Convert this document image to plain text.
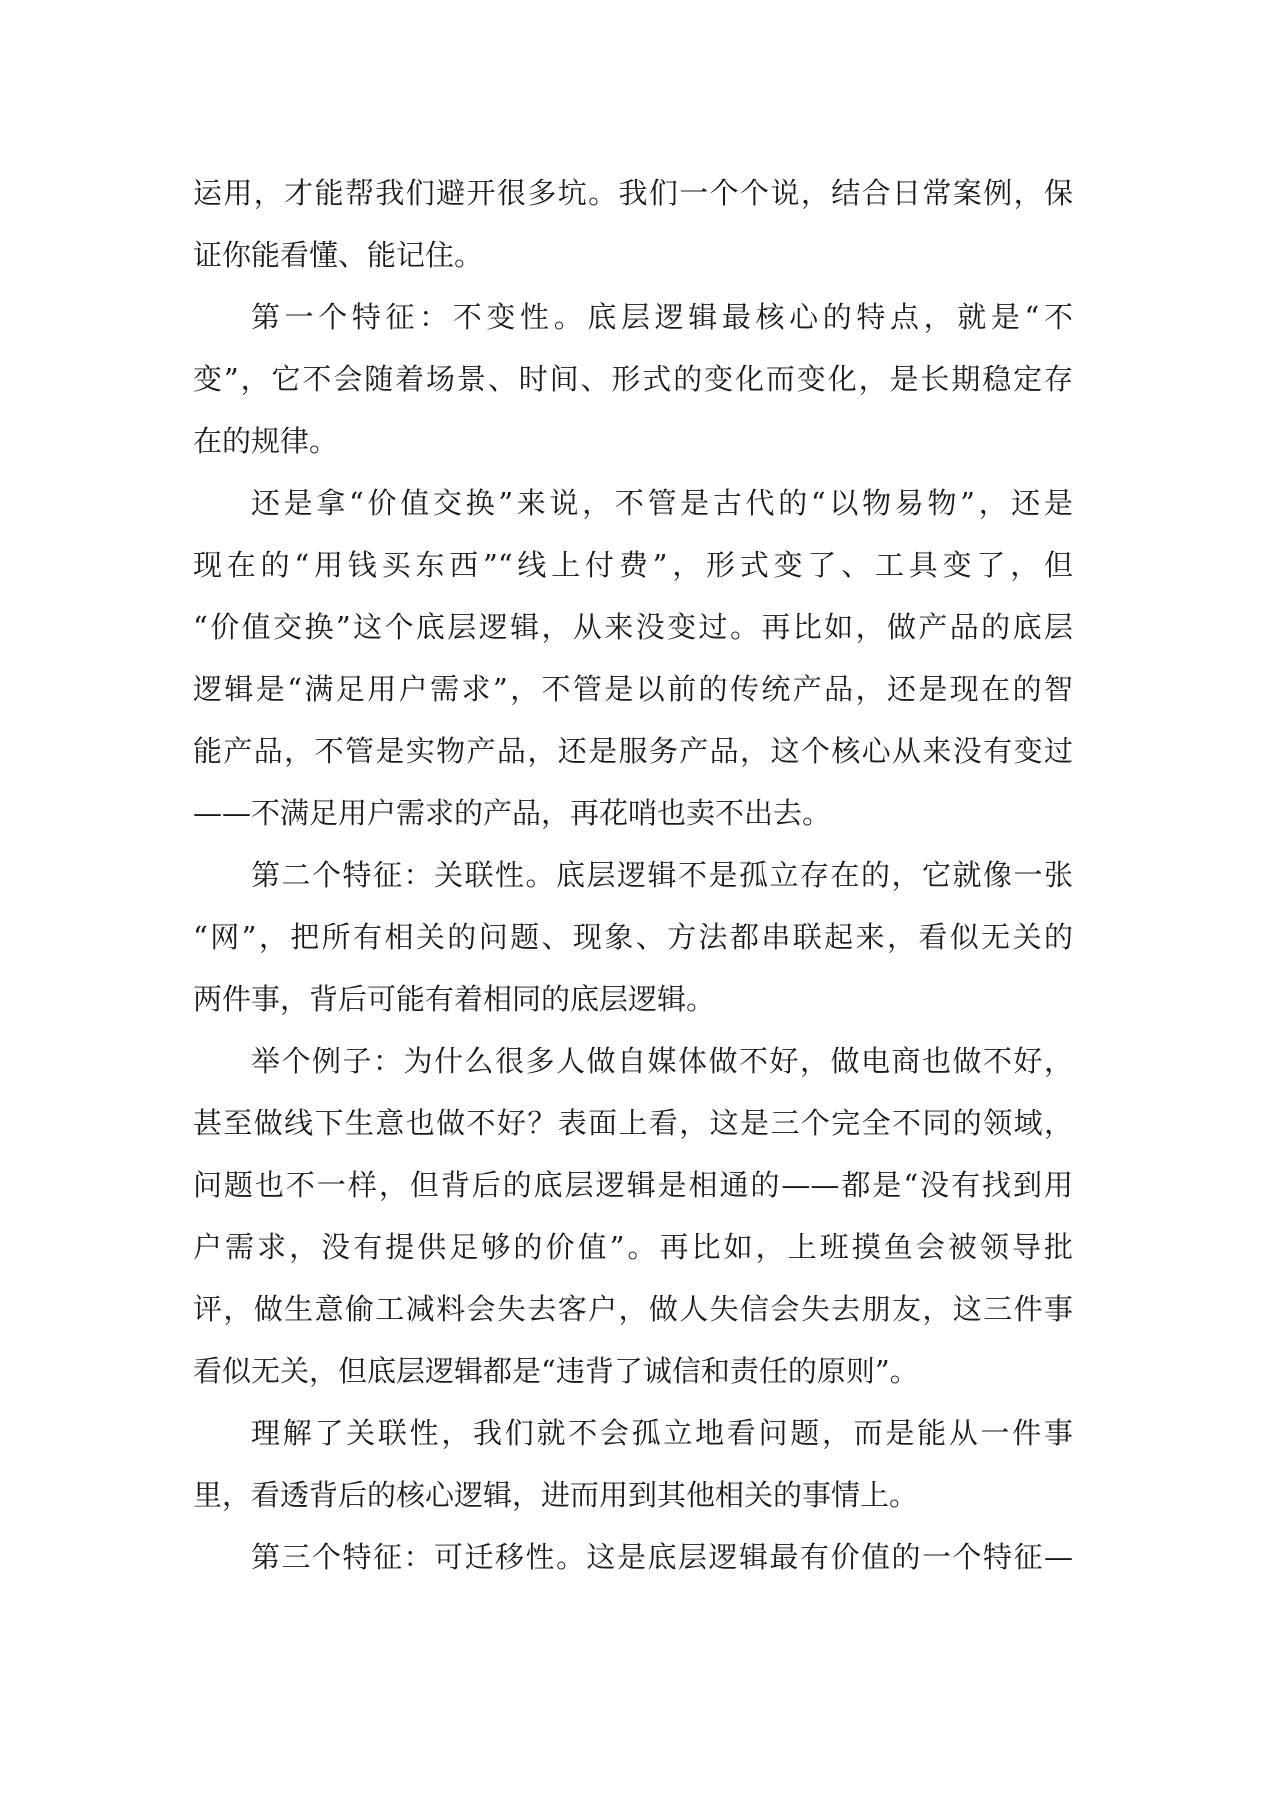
运用，才能帮我们避开很多坑。我们一个个说，结合日常案例，保
证你能看懂、能记住。
第一个特征：不变性。底层逻辑最核心的特点，就是“不
变”，它不会随着场景、时间、形式的变化而变化，是长期稳定存
在的规律。
还是拿“价值交换”来说，不管是古代的“以物易物”，还是
现在的“用钱买东西”“线上付费”，形式变了、工具变了，但
“价值交换”这个底层逻辑，从来没变过。再比如，做产品的底层
逻辑是“满足用户需求”，不管是以前的传统产品，还是现在的智
能产品，不管是实物产品，还是服务产品，这个核心从来没有变过
——不满足用户需求的产品，再花哨也卖不出去。
第二个特征：关联性。底层逻辑不是孤立存在的，它就像一张
“网”，把所有相关的问题、现象、方法都串联起来，看似无关的
两件事，背后可能有着相同的底层逻辑。
举个例子：为什么很多人做自媒体做不好，做电商也做不好，
甚至做线下生意也做不好？表面上看，这是三个完全不同的领域，
问题也不一样，但背后的底层逻辑是相通的——都是“没有找到用
户需求，没有提供足够的价值”。再比如，上班摸鱼会被领导批
评，做生意偷工减料会失去客户，做人失信会失去朋友，这三件事
看似无关，但底层逻辑都是“违背了诚信和责任的原则”。
理解了关联性，我们就不会孤立地看问题，而是能从一件事
里，看透背后的核心逻辑，进而用到其他相关的事情上。
第三个特征：可迁移性。这是底层逻辑最有价值的一个特征—
